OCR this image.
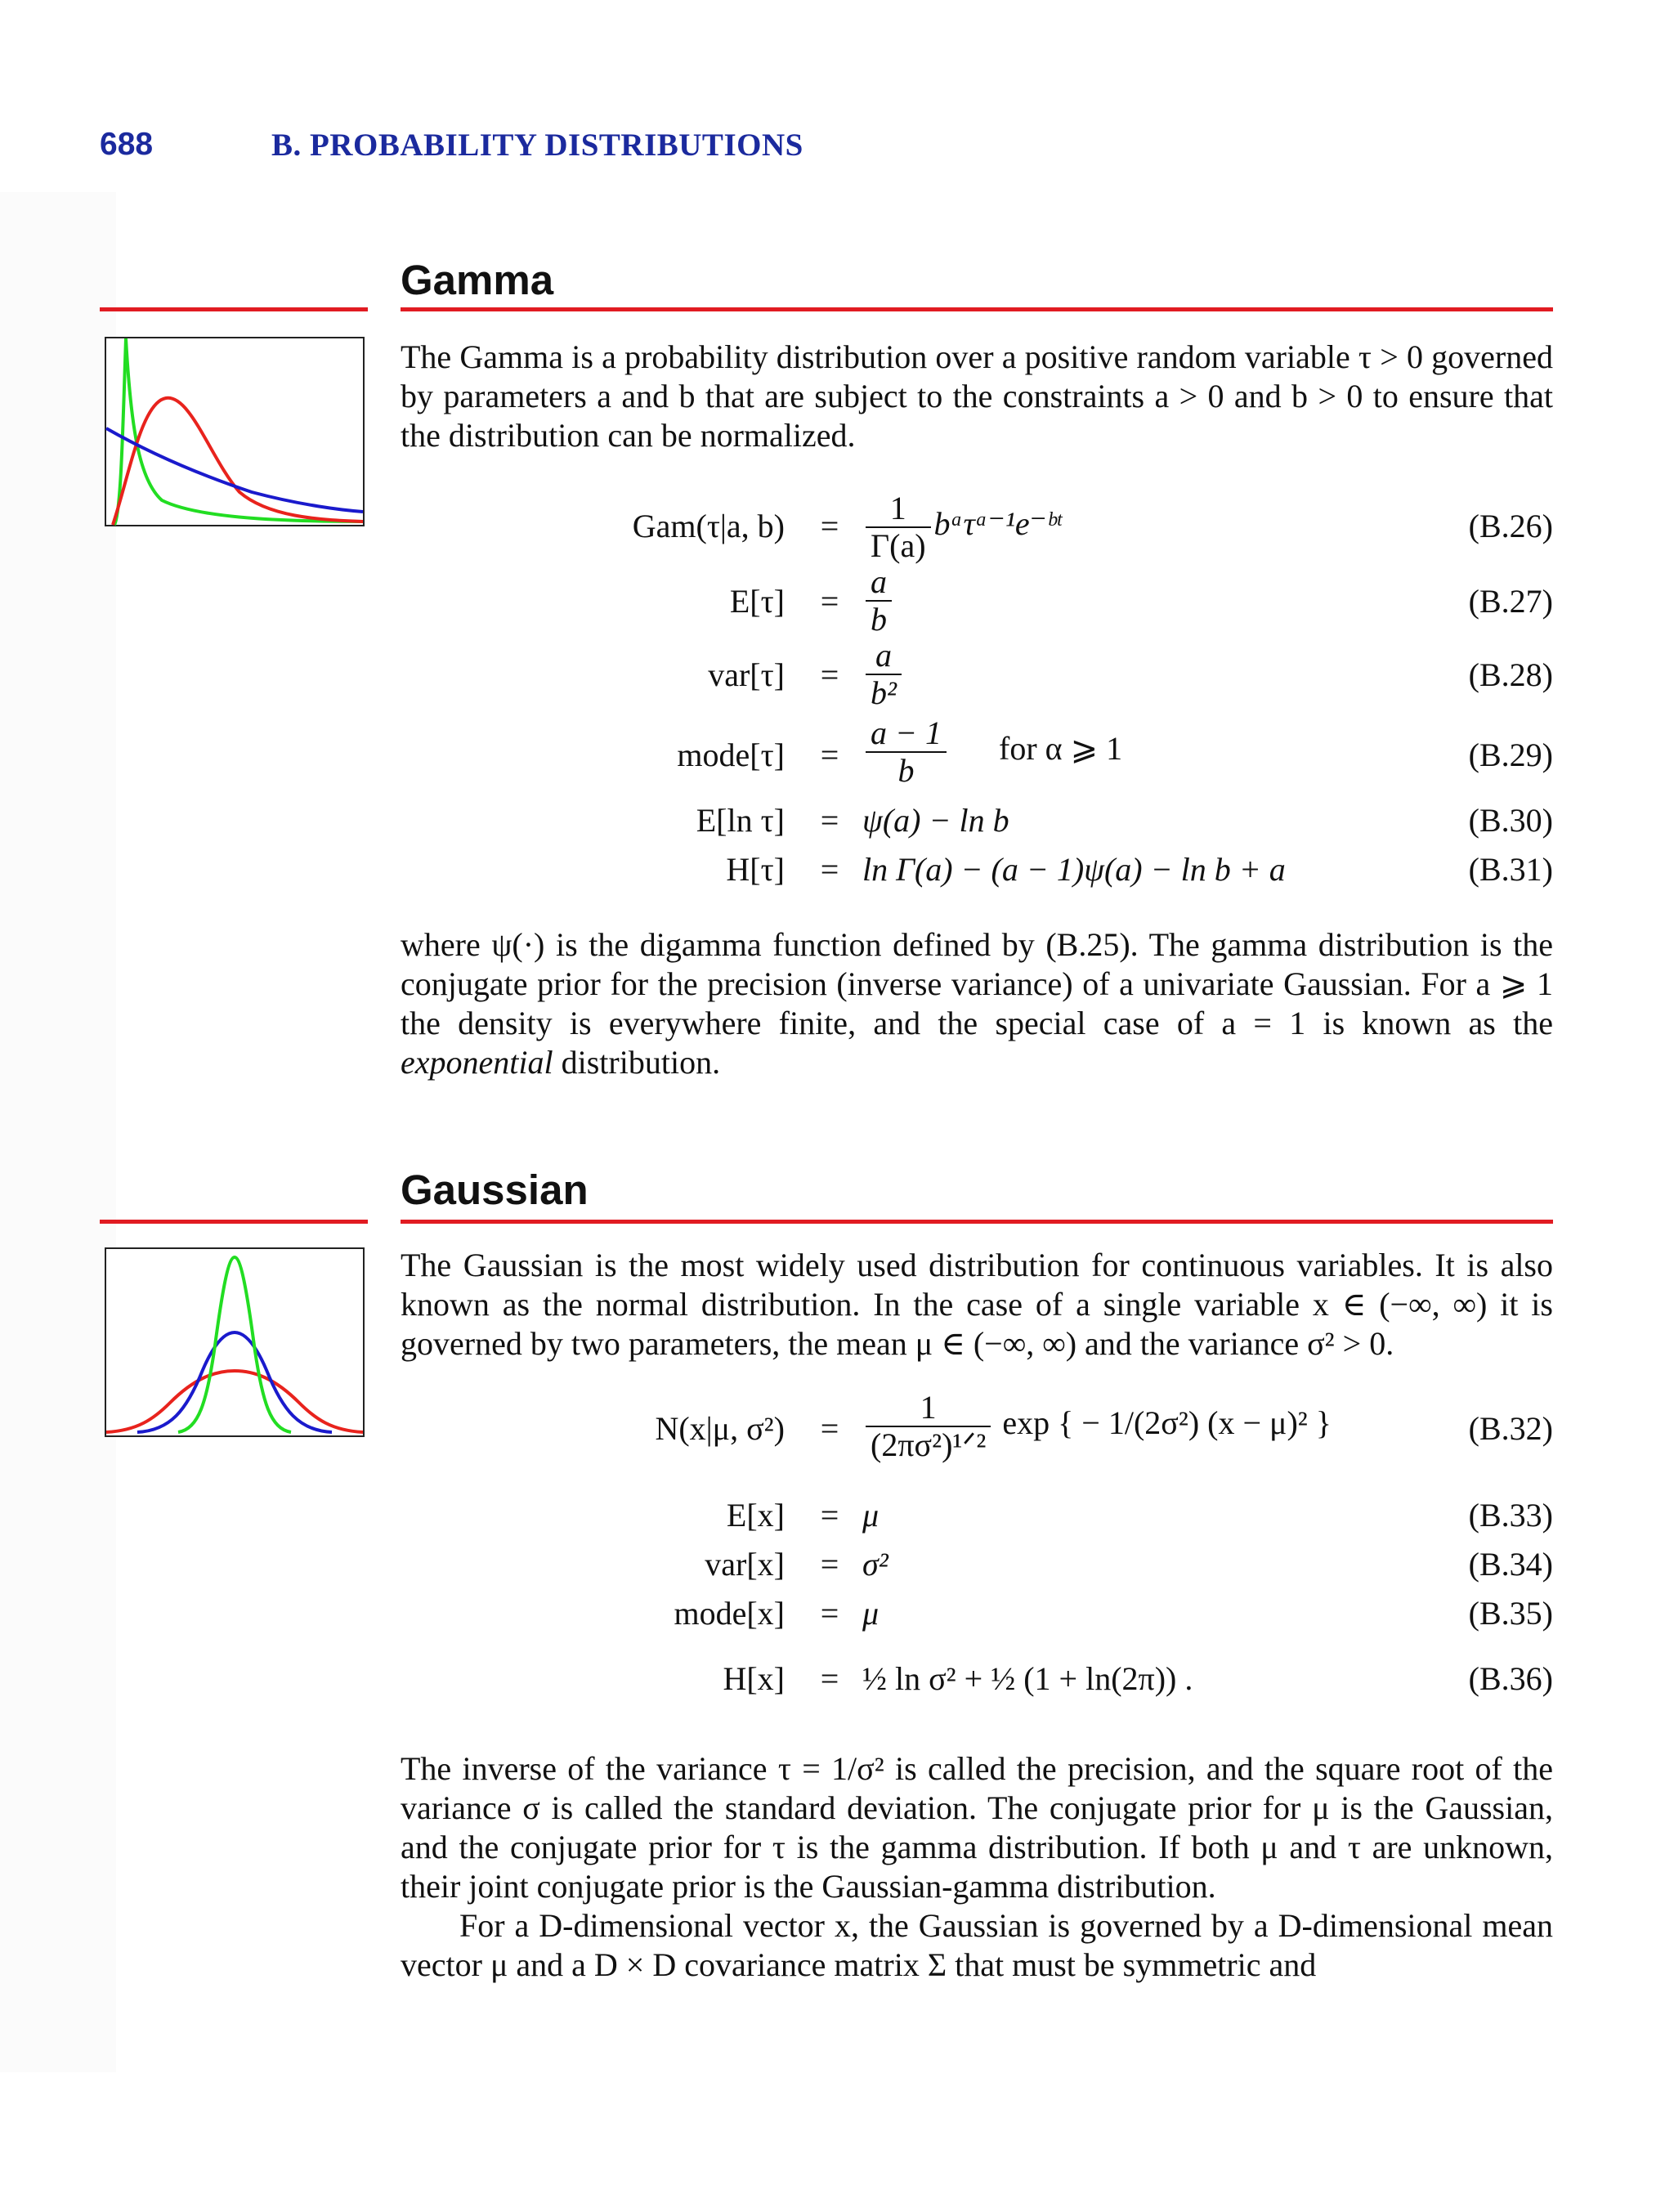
688	B. PROBABILITY DISTRIBUTIONS
Gamma
The Gamma is a probability distribution over a positive random variable τ > 0 governed by parameters a and b that are subject to the constraints a > 0 and b > 0 to ensure that the distribution can be normalized.
Gam(τ|a, $b) = \frac{1}{\Gamma(a)}$ bᵃτᵃ⁻¹e⁻ᵇᵗ	(B.26)
$E[\tau] = \frac{a}{b}$	(B.27)
$var[\tau] = \frac{a}{\text{b²}}$	(B.28)
mode[τ] = $\frac{a - 1}{b}$ for α ⩾ 1	(B.29)
E[ln τ] = ψ(a) − ln b	(B.30)
H[τ] = ln Γ(a) − (a − 1)ψ(a) − ln b + a	(B.31)
where ψ(·) is the digamma function defined by (B.25). The gamma distribution is the conjugate prior for the precision (inverse variance) of a univariate Gaussian. For a ⩾ 1 the density is everywhere finite, and the special case of a = 1 is known as the exponential distribution.
Gaussian
The Gaussian is the most widely used distribution for continuous variables. It is also known as the normal distribution. In the case of a single variable x ∈ (−∞, ∞) it is governed by two parameters, the mean μ ∈ (−∞, ∞) and the variance σ² > 0.
N(x|μ, $\sigma^2) = \frac{1}{\text{(2πσ²)¹ᐟ²}}$ exp { − 1/(2σ²) (x − μ)² }	(B.32)
E[x] = μ	(B.33)
var[x] = σ²	(B.34)
mode[x] = μ	(B.35)
H[x] = ½ ln σ² + ½ (1 + ln(2π)) .	(B.36)
The inverse of the variance τ = 1/σ² is called the precision, and the square root of the variance σ is called the standard deviation. The conjugate prior for μ is the Gaussian, and the conjugate prior for τ is the gamma distribution. If both μ and τ are unknown, their joint conjugate prior is the Gaussian-gamma distribution.
For a D-dimensional vector x, the Gaussian is governed by a D-dimensional mean vector μ and a D × D covariance matrix Σ that must be symmetric and
